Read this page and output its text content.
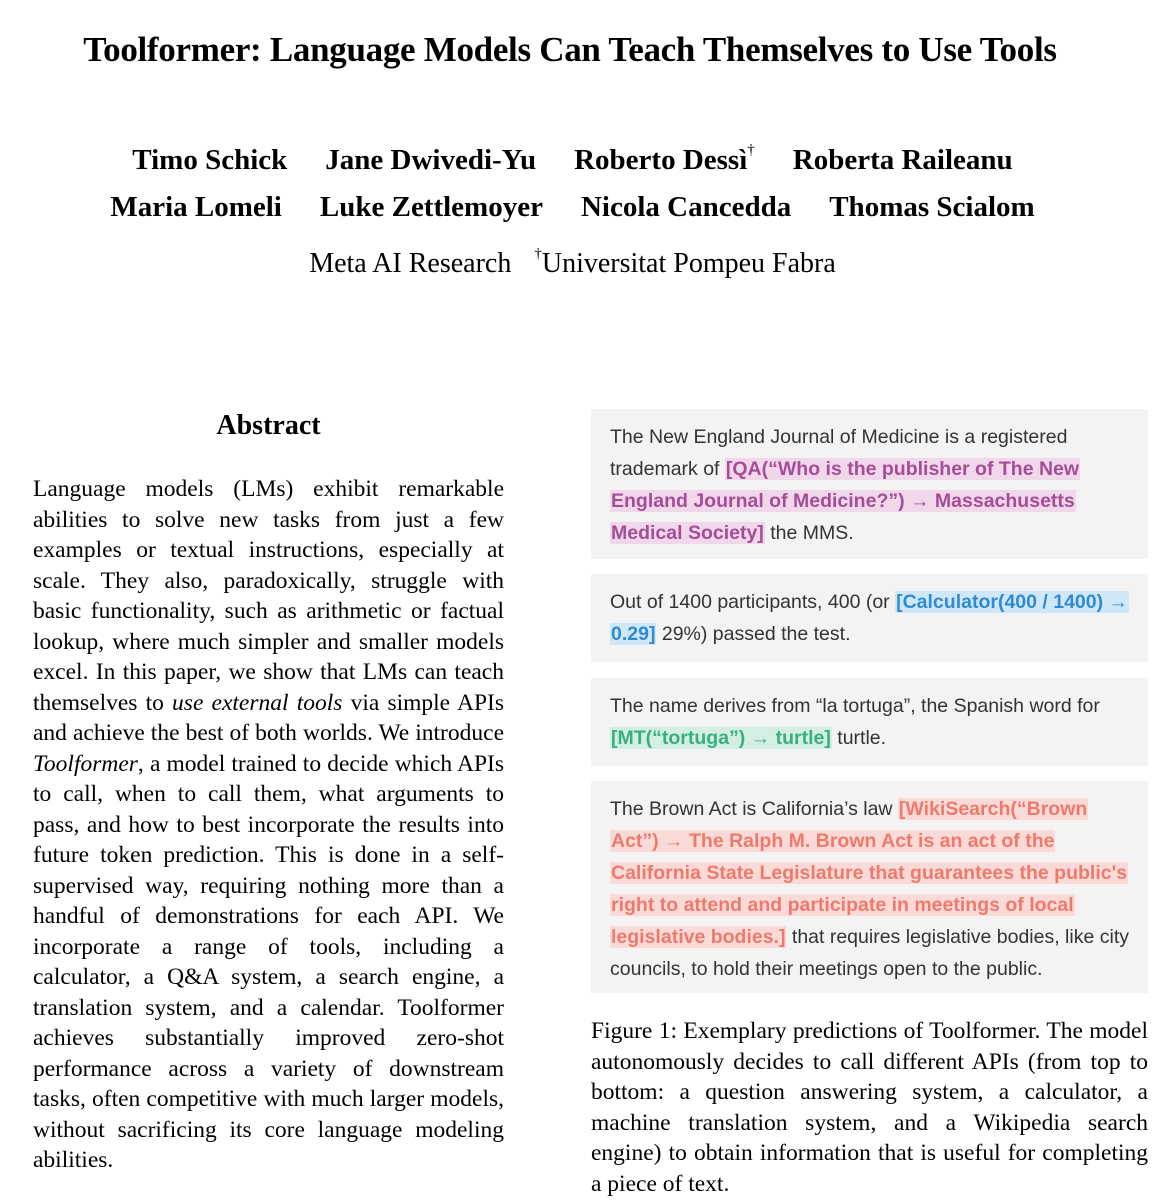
Toolformer: Language Models Can Teach Themselves to Use Tools
Timo Schick Jane Dwivedi-Yu Roberto Dessì† Roberta Raileanu
Maria Lomeli Luke Zettlemoyer Nicola Cancedda Thomas Scialom
Meta AI Research †Universitat Pompeu Fabra
Abstract
Language models (LMs) exhibit remarkable abilities to solve new tasks from just a few examples or textual instructions, especially at scale. They also, paradoxically, struggle with basic functionality, such as arithmetic or factual lookup, where much simpler and smaller models excel. In this paper, we show that LMs can teach themselves to use external tools via simple APIs and achieve the best of both worlds. We introduce Toolformer, a model trained to decide which APIs to call, when to call them, what arguments to pass, and how to best incorporate the results into future token prediction. This is done in a self-supervised way, requiring nothing more than a handful of demonstrations for each API. We incorporate a range of tools, including a calculator, a Q&A system, a search engine, a translation system, and a calendar. Toolformer achieves substantially improved zero-shot performance across a variety of downstream tasks, often competitive with much larger models, without sacrificing its core language modeling abilities.
The New England Journal of Medicine is a registered trademark of [QA(“Who is the publisher of The New England Journal of Medicine?”) → Massachusetts Medical Society] the MMS.
Out of 1400 participants, 400 (or [Calculator(400 / 1400) → 0.29] 29%) passed the test.
The name derives from “la tortuga”, the Spanish word for [MT(“tortuga”) → turtle] turtle.
The Brown Act is California’s law [WikiSearch(“Brown Act”) → The Ralph M. Brown Act is an act of the California State Legislature that guarantees the public's right to attend and participate in meetings of local legislative bodies.] that requires legislative bodies, like city councils, to hold their meetings open to the public.
Figure 1: Exemplary predictions of Toolformer. The model autonomously decides to call different APIs (from top to bottom: a question answering system, a calculator, a machine translation system, and a Wikipedia search engine) to obtain information that is useful for completing a piece of text.
